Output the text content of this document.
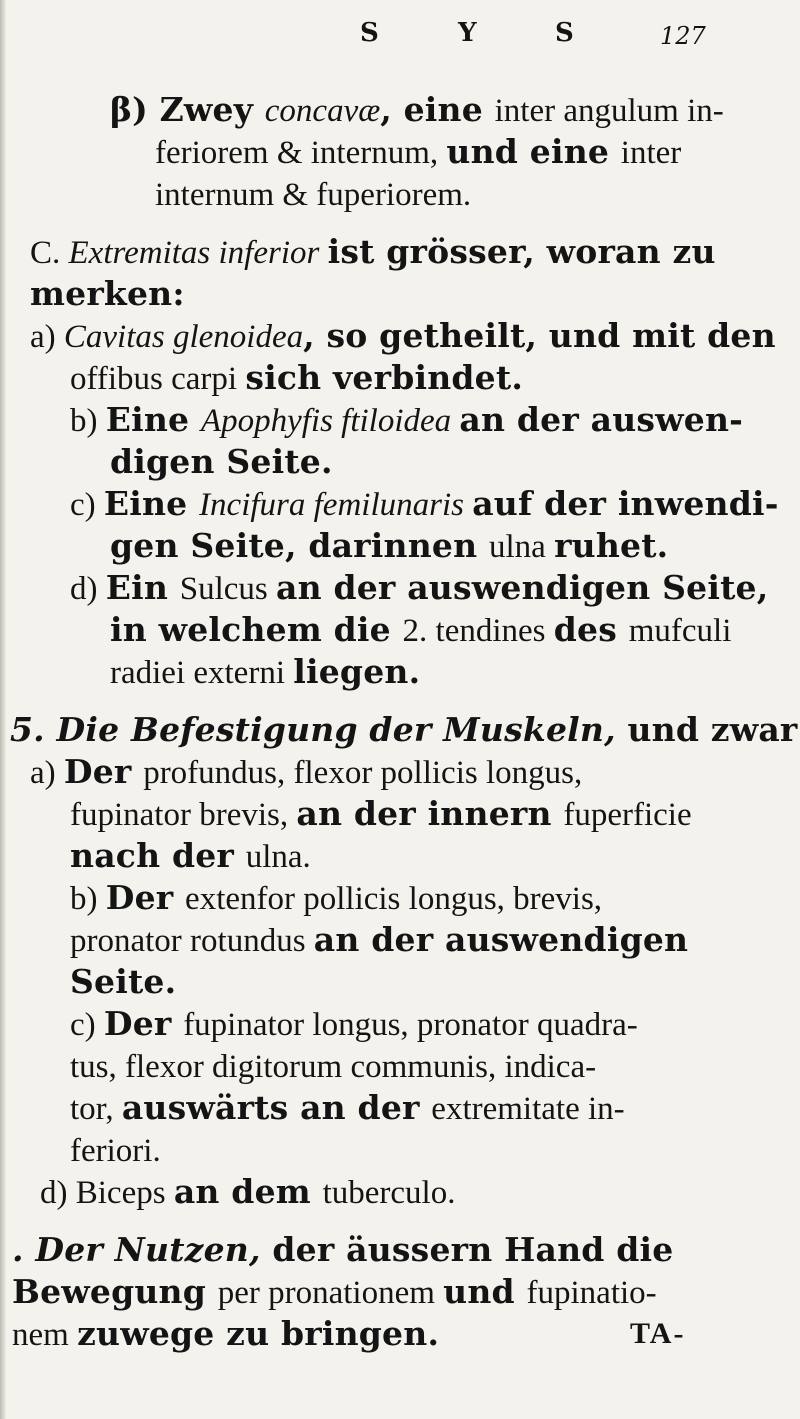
S	Y	S	127
β) Zwey concavæ, eine inter angulum in-
feriorem & internum, und eine inter
internum & fuperiorem.
C. Extremitas inferior ist grösser, woran zu
merken:
a) Cavitas glenoidea, so getheilt, und mit den
offibus carpi sich verbindet.
b) Eine Apophyfis ftiloidea an der auswen-
digen Seite.
c) Eine Incifura femilunaris auf der inwendi-
gen Seite, darinnen ulna ruhet.
d) Ein Sulcus an der auswendigen Seite,
in welchem die 2. tendines des mufculi
radiei externi liegen.
5. Die Befestigung der Muskeln, und zwar
a) Der profundus, flexor pollicis longus,
fupinator brevis, an der innern fuperficie
nach der ulna.
b) Der extenfor pollicis longus, brevis,
pronator rotundus an der auswendigen
Seite.
c) Der fupinator longus, pronator quadra-
tus, flexor digitorum communis, indica-
tor, auswärts an der extremitate in-
feriori.
d) Biceps an dem tuberculo.
. Der Nutzen, der äussern Hand die
Bewegung per pronationem und fupinatio-
nem zuwege zu bringen.	TA-
